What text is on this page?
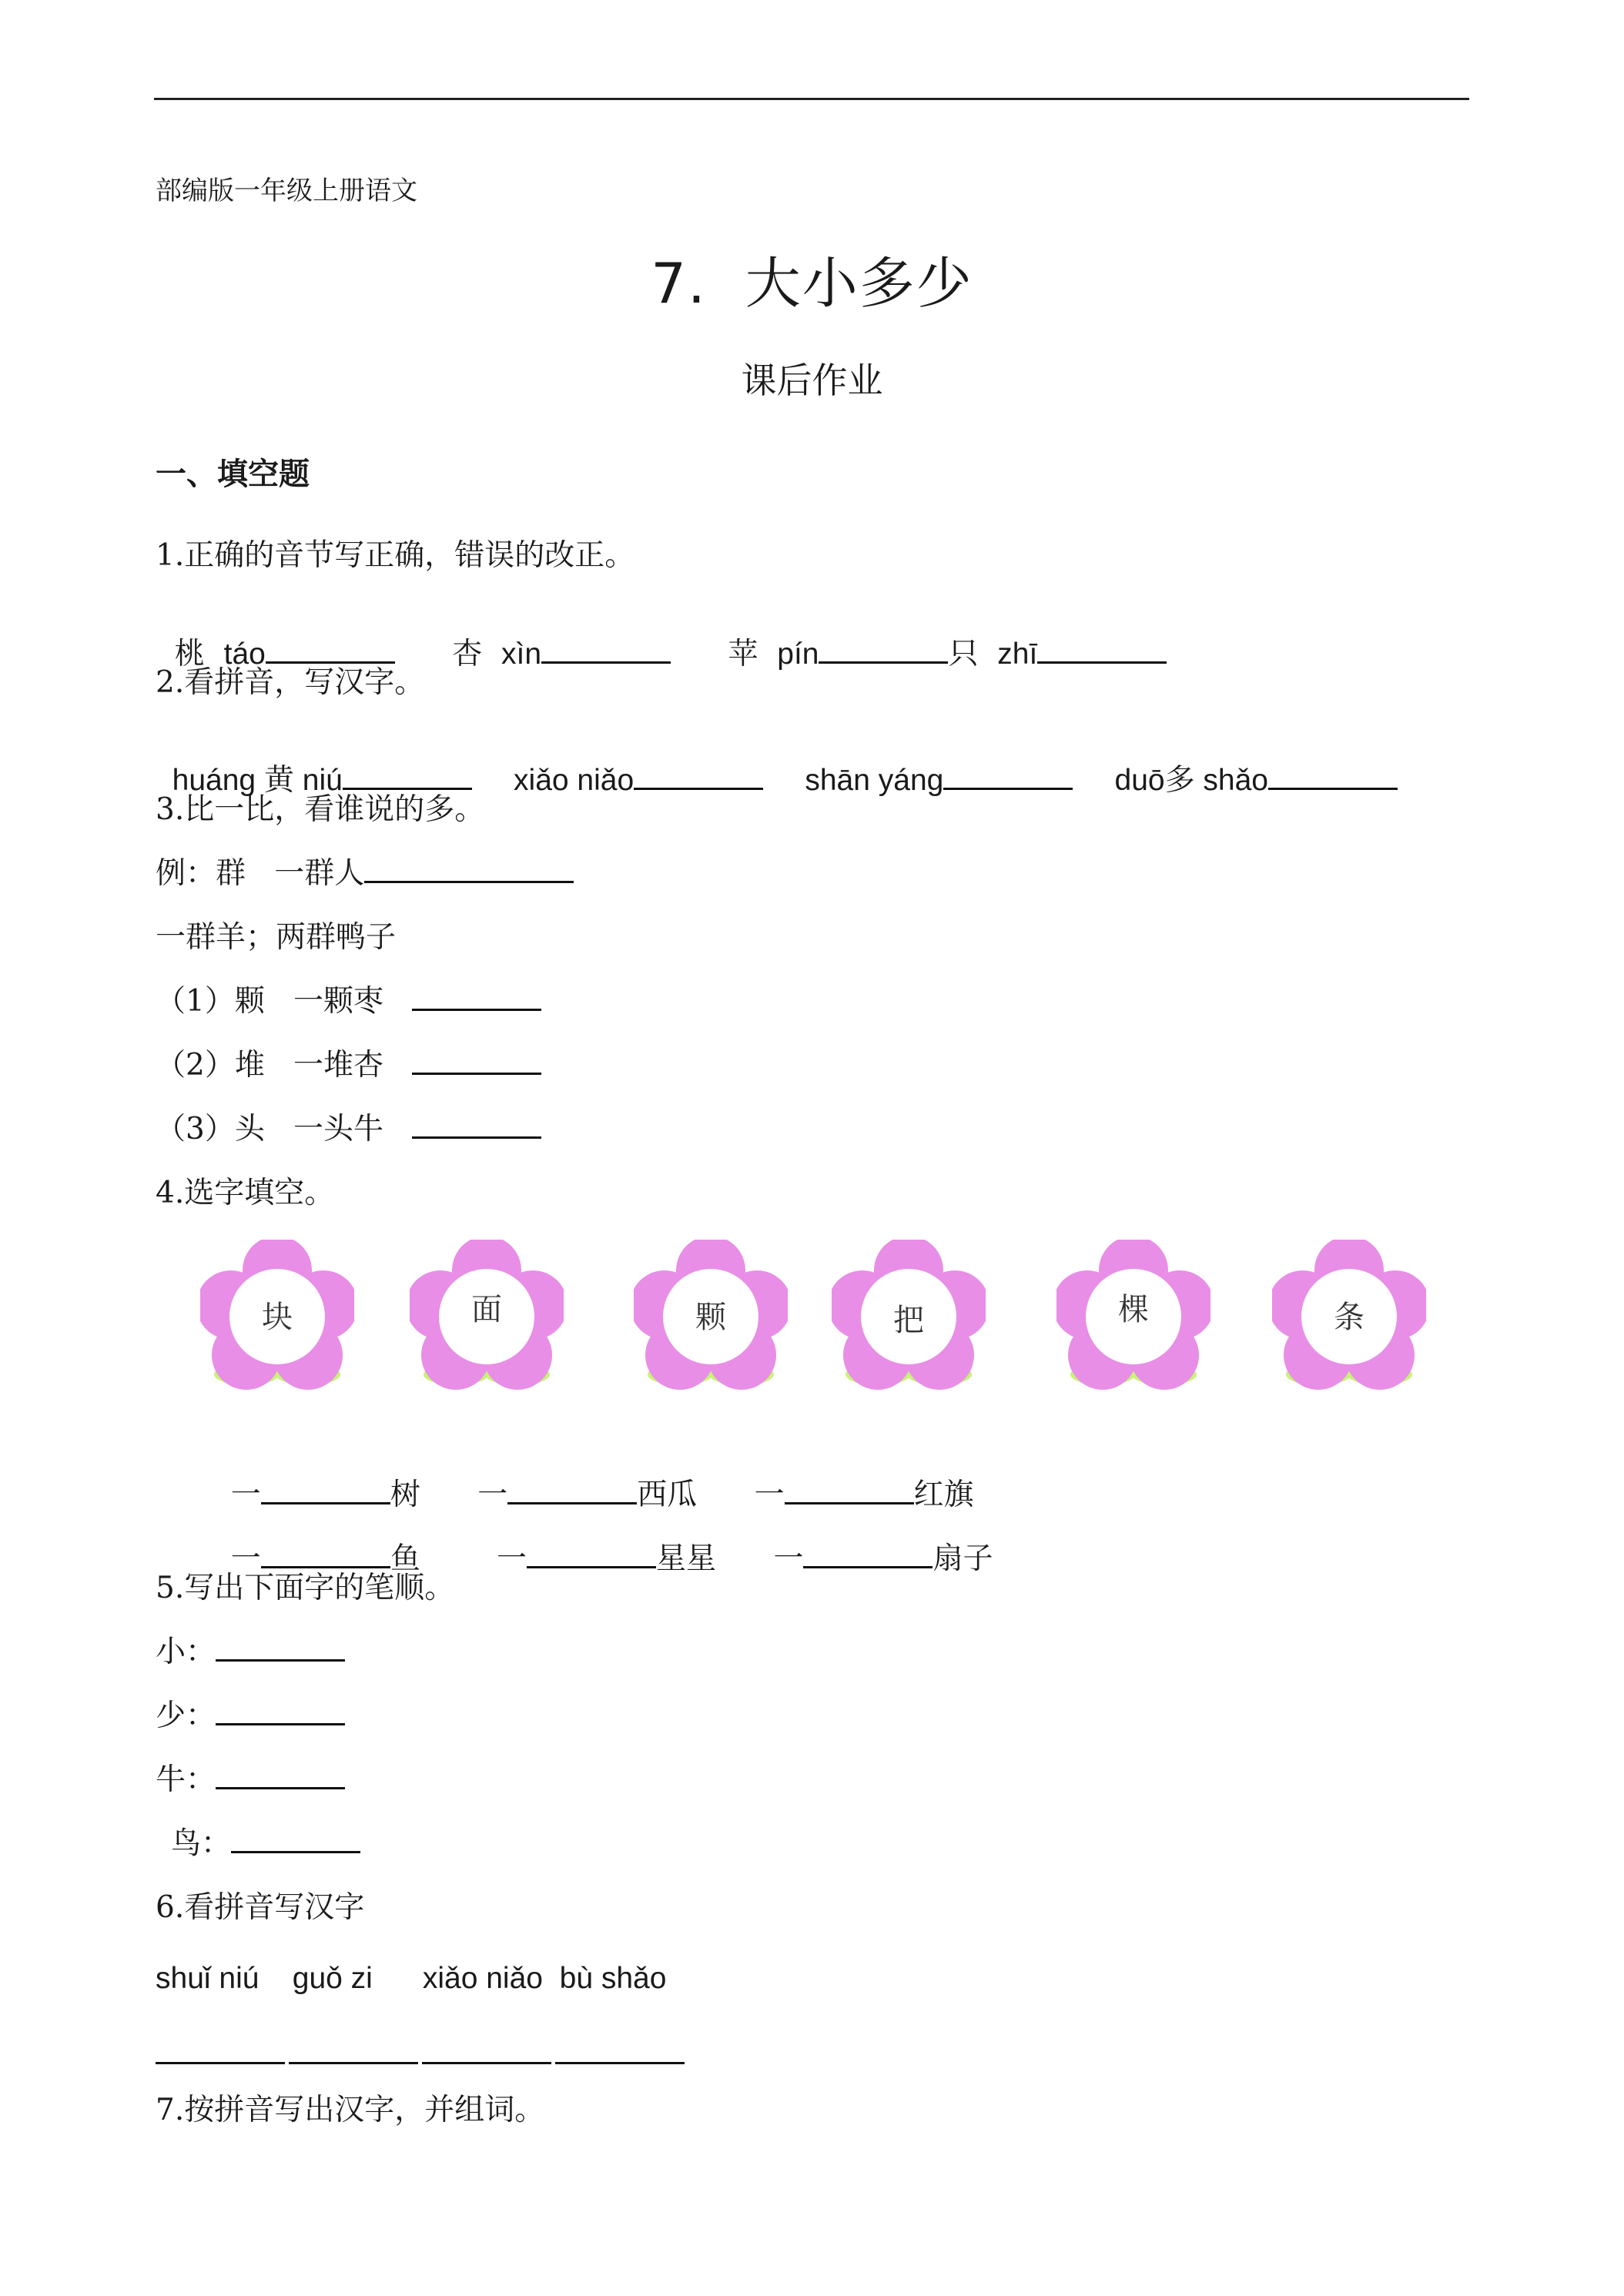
部编版一年级上册语文
7.  大小多少
课后作业
一、填空题
1.正确的音节写正确，错误的改正。

桃 táo	杏 xìn	苹 pín	只 zhī

2.看拼音，写汉字。

huáng 黄 niú	xiǎo niǎo	shān yáng	duō多 shǎo

3.比一比，看谁说的多。
例：群   一群人
一群羊；两群鸭子
（1）颗   一颗枣
（2）堆   一堆杏
（3）头   一头牛
4.选字填空。
块	面	颗	把	棵	条

一	树 一	西瓜 一	红旗

一	鱼	一	星星 一	扇子

5.写出下面字的笔顺。
小：
少：
牛：
鸟：
6.看拼音写汉字
shuǐ niú    guǒ zi      xiǎo niǎo  bù shǎo
7.按拼音写出汉字，并组词。
